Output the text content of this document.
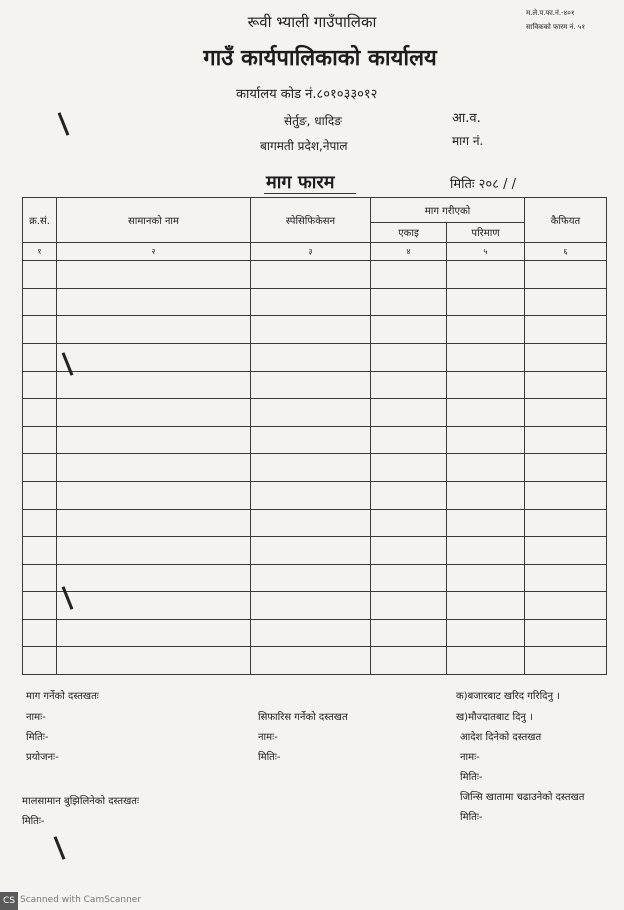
रूवी भ्याली गाउँपालिका
गाउँ कार्यपालिकाको कार्यालय
कार्यालय कोड नं.८०१०३३०१२
सेर्तुङ, धादिङ
बागमती प्रदेश,नेपाल
आ.व.
माग नं.
म.ले.प.फा.नं.-४०१
साविकको फारम नं. ५१
माग फारम	मितिः २०८ / /
क्र.सं.	सामानको नाम	स्पेसिफिकेसन	माग गरीएको		कैफियत
			एकाइ	परिमाण	
१	२	३	४	५	६

माग गर्नेको दस्तखतः
नामः-
मितिः-
प्रयोजनः-
सिफारिस गर्नेको दस्तखत
नामः-
मितिः-
क)बजारबाट खरिद गरिदिनु ।
ख)मौज्दातबाट दिनु ।
आदेश दिनेको दस्तखत
नामः-
मितिः-
जिन्सि खातामा चढाउनेको दस्तखत
मितिः-
मालसामान बुझिलिनेको दस्तखतः
मितिः-
CS Scanned with CamScanner
